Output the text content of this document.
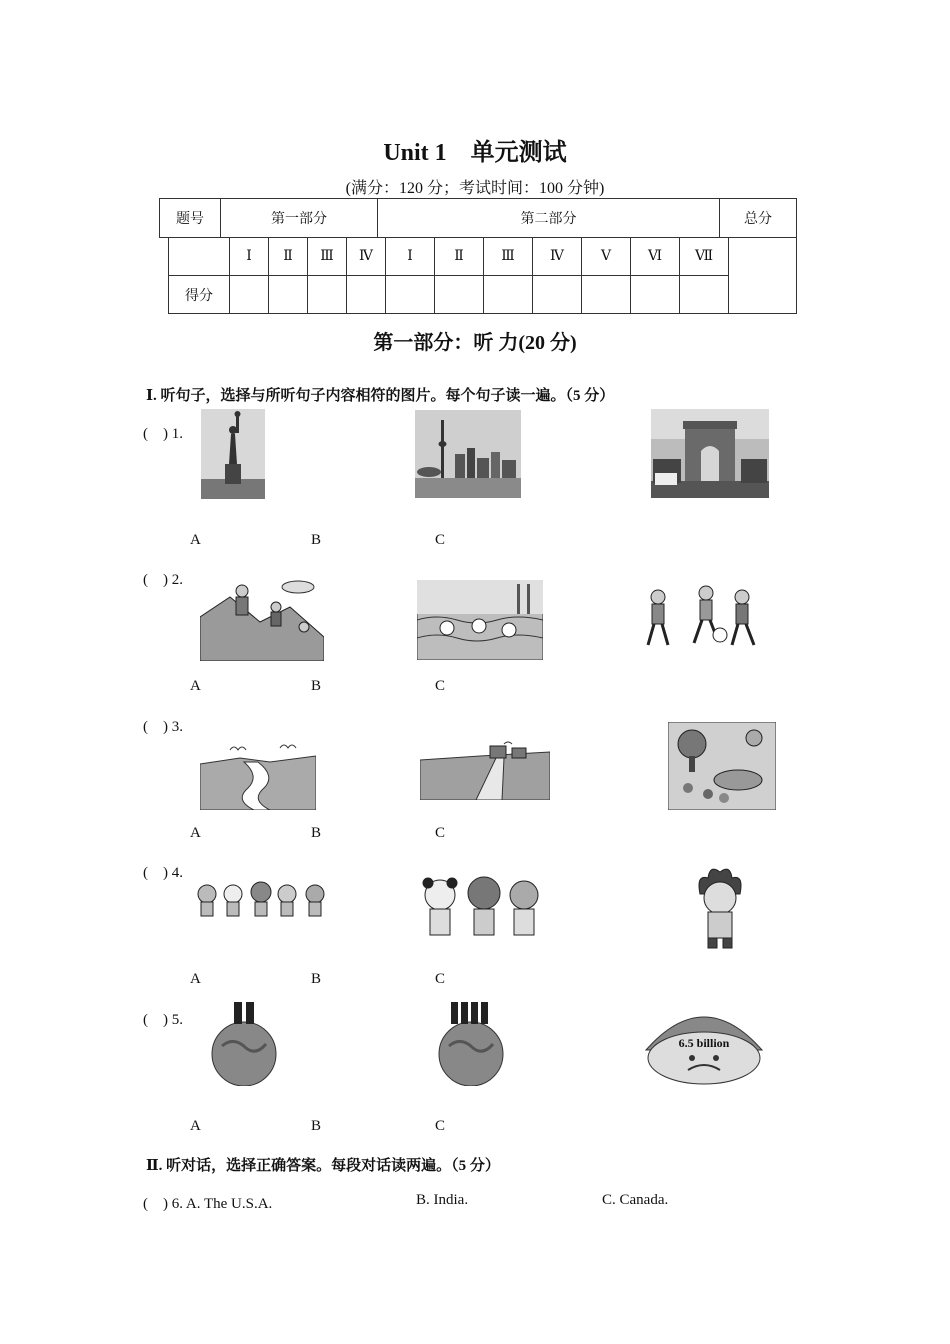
Unit 1　单元测试
(满分：120 分；考试时间：100 分钟)
题号	第一部分	第二部分	总分
	Ⅰ	Ⅱ	Ⅲ	Ⅳ	Ⅰ	Ⅱ	Ⅲ	Ⅳ	Ⅴ	Ⅵ	Ⅶ	
得分												
第一部分：听 力(20 分)
Ⅰ. 听句子，选择与所听句子内容相符的图片。每个句子读一遍。（5 分）
(　) 1.
A	B	C
(　) 2.
A	B	C
(　) 3.
A	B	C
(　) 4.
A	B	C
(　) 5.
6.5 billion
A	B	C
Ⅱ. 听对话，选择正确答案。每段对话读两遍。（5 分）
(　) 6. A. The U.S.A.	B. India.	C. Canada.
